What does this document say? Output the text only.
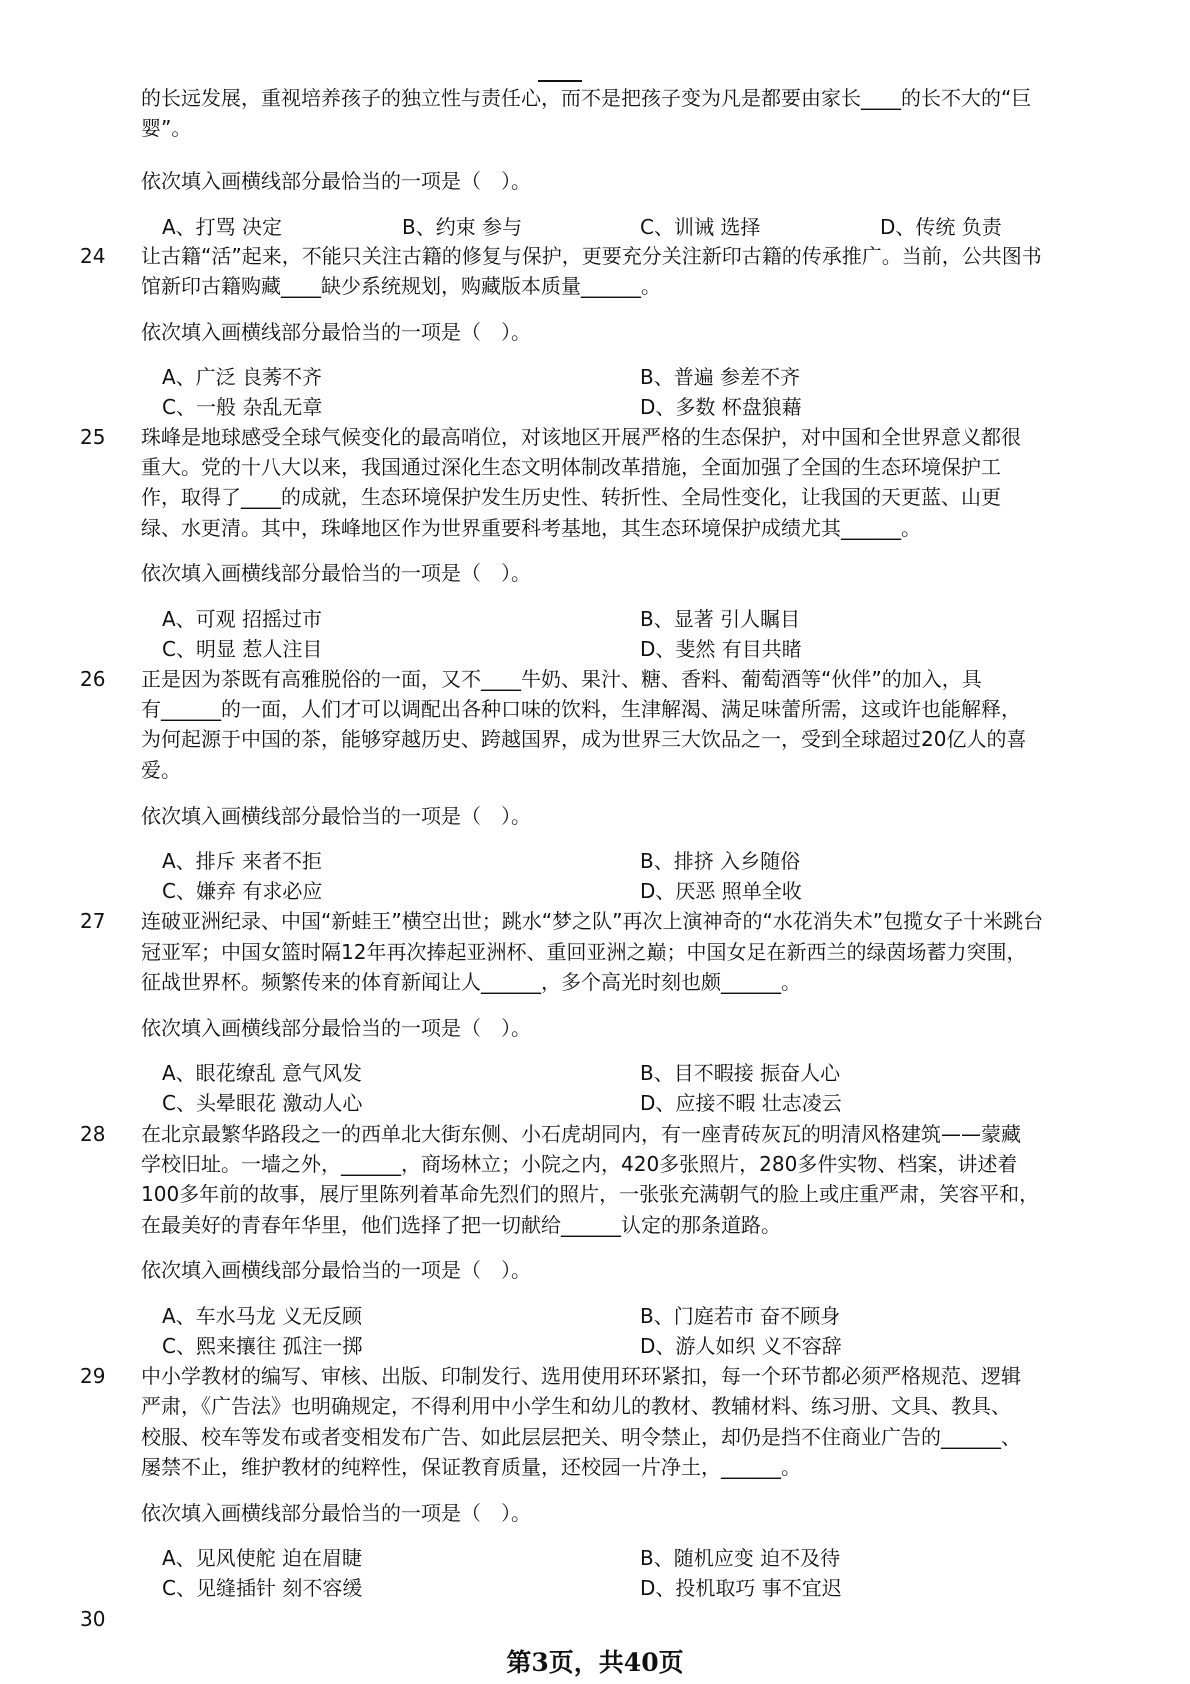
的长远发展，重视培养孩子的独立性与责任心，而不是把孩子变为凡是都要由家长____的长不大的“巨
婴”。
依次填入画横线部分最恰当的一项是（　）。
A、打骂 决定	B、约束 参与	C、训诫 选择	D、传统 负责
24 让古籍“活”起来，不能只关注古籍的修复与保护，更要充分关注新印古籍的传承推广。当前，公共图书
馆新印古籍购藏____缺少系统规划，购藏版本质量______。
依次填入画横线部分最恰当的一项是（　）。
A、广泛 良莠不齐	B、普遍 参差不齐
C、一般 杂乱无章	D、多数 杯盘狼藉
25 珠峰是地球感受全球气候变化的最高哨位，对该地区开展严格的生态保护，对中国和全世界意义都很
重大。党的十八大以来，我国通过深化生态文明体制改革措施，全面加强了全国的生态环境保护工
作，取得了____的成就，生态环境保护发生历史性、转折性、全局性变化，让我国的天更蓝、山更
绿、水更清。其中，珠峰地区作为世界重要科考基地，其生态环境保护成绩尤其______。
依次填入画横线部分最恰当的一项是（　）。
A、可观 招摇过市	B、显著 引人瞩目
C、明显 惹人注目	D、斐然 有目共睹
26 正是因为茶既有高雅脱俗的一面，又不____牛奶、果汁、糖、香料、葡萄酒等“伙伴”的加入，具
有______的一面，人们才可以调配出各种口味的饮料，生津解渴、满足味蕾所需，这或许也能解释，
为何起源于中国的茶，能够穿越历史、跨越国界，成为世界三大饮品之一，受到全球超过20亿人的喜
爱。
依次填入画横线部分最恰当的一项是（　）。
A、排斥 来者不拒	B、排挤 入乡随俗
C、嫌弃 有求必应	D、厌恶 照单全收
27 连破亚洲纪录、中国“新蛙王”横空出世；跳水“梦之队”再次上演神奇的“水花消失术”包揽女子十米跳台
冠亚军；中国女篮时隔12年再次捧起亚洲杯、重回亚洲之巅；中国女足在新西兰的绿茵场蓄力突围，
征战世界杯。频繁传来的体育新闻让人______，多个高光时刻也颇______。
依次填入画横线部分最恰当的一项是（　）。
A、眼花缭乱 意气风发	B、目不暇接 振奋人心
C、头晕眼花 激动人心	D、应接不暇 壮志凌云
28 在北京最繁华路段之一的西单北大街东侧、小石虎胡同内，有一座青砖灰瓦的明清风格建筑——蒙藏
学校旧址。一墙之外，______，商场林立；小院之内，420多张照片，280多件实物、档案，讲述着
100多年前的故事，展厅里陈列着革命先烈们的照片，一张张充满朝气的脸上或庄重严肃，笑容平和，
在最美好的青春年华里，他们选择了把一切献给______认定的那条道路。
依次填入画横线部分最恰当的一项是（　）。
A、车水马龙 义无反顾	B、门庭若市 奋不顾身
C、熙来攘往 孤注一掷	D、游人如织 义不容辞
29 中小学教材的编写、审核、出版、印制发行、选用使用环环紧扣，每一个环节都必须严格规范、逻辑
严肃，《广告法》也明确规定，不得利用中小学生和幼儿的教材、教辅材料、练习册、文具、教具、
校服、校车等发布或者变相发布广告、如此层层把关、明令禁止，却仍是挡不住商业广告的______、
屡禁不止，维护教材的纯粹性，保证教育质量，还校园一片净土，______。
依次填入画横线部分最恰当的一项是（　）。
A、见风使舵 迫在眉睫	B、随机应变 迫不及待
C、见缝插针 刻不容缓	D、投机取巧 事不宜迟
30
第3页，共40页
